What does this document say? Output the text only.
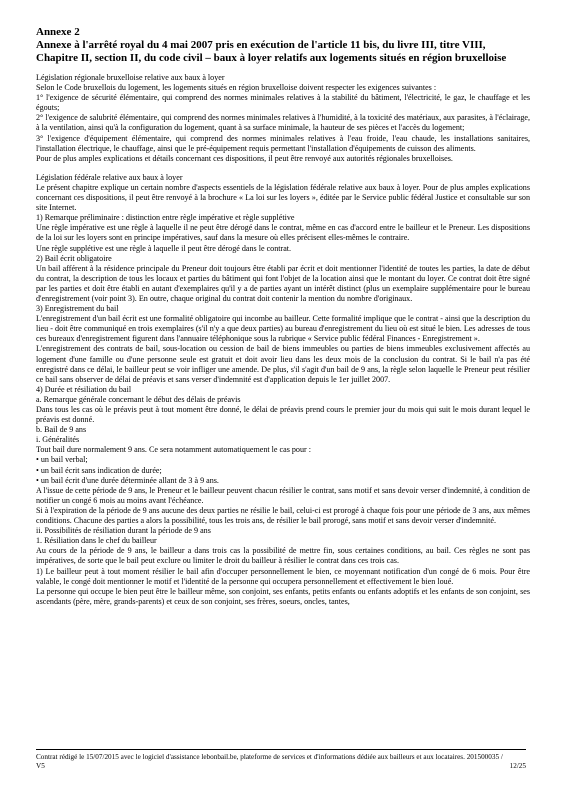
Annexe 2
Annexe à l'arrêté royal du 4 mai 2007 pris en exécution de l'article 11 bis, du livre III, titre VIII, Chapitre II, section II, du code civil – baux à loyer relatifs aux logements situés en région bruxelloise

Législation régionale bruxelloise relative aux baux à loyer

Selon le Code bruxellois du logement, les logements situés en région bruxelloise doivent respecter les exigences suivantes :

1° l'exigence de sécurité élémentaire, qui comprend des normes minimales relatives à la stabilité du bâtiment, l'électricité, le gaz, le chauffage et les égouts;

2° l'exigence de salubrité élémentaire, qui comprend des normes minimales relatives à l'humidité, à la toxicité des matériaux, aux parasites, à l'éclairage, à la ventilation, ainsi qu'à la configuration du logement, quant à sa surface minimale, la hauteur de ses pièces et l'accès du logement;

3° l'exigence d'équipement élémentaire, qui comprend des normes minimales relatives à l'eau froide, l'eau chaude, les installations sanitaires, l'installation électrique, le chauffage, ainsi que le pré-équipement requis permettant l'installation d'équipements de cuisson des aliments.

Pour de plus amples explications et détails concernant ces dispositions, il peut être renvoyé aux autorités régionales bruxelloises.

Législation fédérale relative aux baux à loyer

Le présent chapitre explique un certain nombre d'aspects essentiels de la législation fédérale relative aux baux à loyer. Pour de plus amples explications concernant ces dispositions, il peut être renvoyé à la brochure « La loi sur les loyers », éditée par le Service public fédéral Justice et consultable sur son site Internet.

1) Remarque préliminaire : distinction entre règle impérative et règle supplétive

Une règle impérative est une règle à laquelle il ne peut être dérogé dans le contrat, même en cas d'accord entre le bailleur et le Preneur. Les dispositions de la loi sur les loyers sont en principe impératives, sauf dans la mesure où elles précisent elles-mêmes le contraire.

Une règle supplétive est une règle à laquelle il peut être dérogé dans le contrat.

2) Bail écrit obligatoire

Un bail afférent à la résidence principale du Preneur doit toujours être établi par écrit et doit mentionner l'identité de toutes les parties, la date de début du contrat, la description de tous les locaux et parties du bâtiment qui font l'objet de la location ainsi que le montant du loyer. Ce contrat doit être signé par les parties et doit être établi en autant d'exemplaires qu'il y a de parties ayant un intérêt distinct (plus un exemplaire supplémentaire pour le bureau d'enregistrement (voir point 3). En outre, chaque original du contrat doit contenir la mention du nombre d'originaux.

3) Enregistrement du bail

L'enregistrement d'un bail écrit est une formalité obligatoire qui incombe au bailleur. Cette formalité implique que le contrat - ainsi que la description du lieu - doit être communiqué en trois exemplaires (s'il n'y a que deux parties) au bureau d'enregistrement du lieu où est situé le bien. Les adresses de tous ces bureaux d'enregistrement figurent dans l'annuaire téléphonique sous la rubrique « Service public fédéral Finances - Enregistrement ».

L'enregistrement des contrats de bail, sous-location ou cession de bail de biens immeubles ou parties de biens immeubles exclusivement affectés au logement d'une famille ou d'une personne seule est gratuit et doit avoir lieu dans les deux mois de la conclusion du contrat. Si le bail n'a pas été enregistré dans ce délai, le bailleur peut se voir infliger une amende. De plus, s'il s'agit d'un bail de 9 ans, la règle selon laquelle le Preneur peut résilier ce bail sans observer de délai de préavis et sans verser d'indemnité est d'application depuis le 1er juillet 2007.

4) Durée et résiliation du bail

a. Remarque générale concernant le début des délais de préavis

Dans tous les cas où le préavis peut à tout moment être donné, le délai de préavis prend cours le premier jour du mois qui suit le mois durant lequel le préavis est donné.

b. Bail de 9 ans

i. Généralités

Tout bail dure normalement 9 ans. Ce sera notamment automatiquement le cas pour :

• un bail verbal;

• un bail écrit sans indication de durée;

• un bail écrit d'une durée déterminée allant de 3 à 9 ans.

A l'issue de cette période de 9 ans, le Preneur et le bailleur peuvent chacun résilier le contrat, sans motif et sans devoir verser d'indemnité, à condition de notifier un congé 6 mois au moins avant l'échéance.

Si à l'expiration de la période de 9 ans aucune des deux parties ne résilie le bail, celui-ci est prorogé à chaque fois pour une période de 3 ans, aux mêmes conditions. Chacune des parties a alors la possibilité, tous les trois ans, de résilier le bail prorogé, sans motif et sans devoir verser d'indemnité.

ii. Possibilités de résiliation durant la période de 9 ans

1. Résiliation dans le chef du bailleur

Au cours de la période de 9 ans, le bailleur a dans trois cas la possibilité de mettre fin, sous certaines conditions, au bail. Ces règles ne sont pas impératives, de sorte que le bail peut exclure ou limiter le droit du bailleur à résilier le contrat dans ces trois cas.

1) Le bailleur peut à tout moment résilier le bail afin d'occuper personnellement le bien, ce moyennant notification d'un congé de 6 mois. Pour être valable, le congé doit mentionner le motif et l'identité de la personne qui occupera personnellement et effectivement le bien loué.

La personne qui occupe le bien peut être le bailleur même, son conjoint, ses enfants, petits enfants ou enfants adoptifs et les enfants de son conjoint, ses ascendants (père, mère, grands-parents) et ceux de son conjoint, ses frères, soeurs, oncles, tantes,

Contrat rédigé le 15/07/2015 avec le logiciel d'assistance lebonbail.be, plateforme de services et d'informations dédiée aux bailleurs et aux locataires. 201500035 / V5	12/25
